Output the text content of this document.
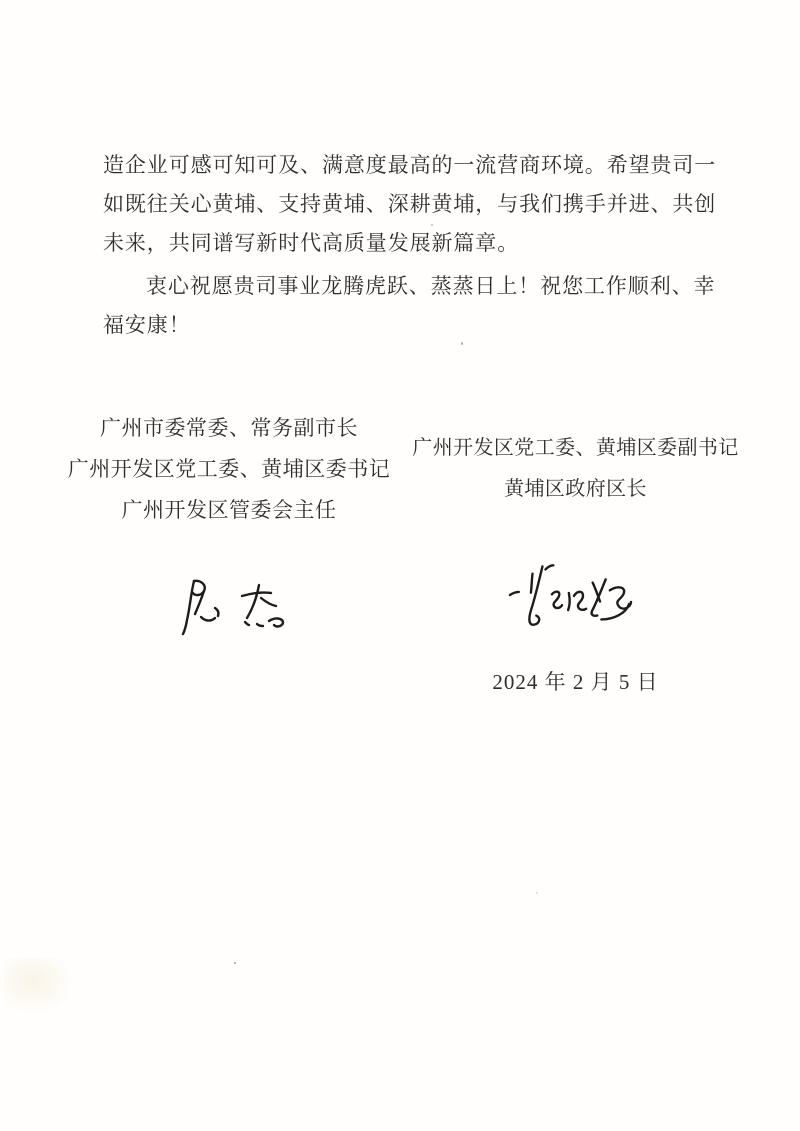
造企业可感可知可及、满意度最高的一流营商环境。希望贵司一
如既往关心黄埔、支持黄埔、深耕黄埔，与我们携手并进、共创
未来，共同谱写新时代高质量发展新篇章。
衷心祝愿贵司事业龙腾虎跃、蒸蒸日上！祝您工作顺利、幸
福安康！
广州市委常委、常务副市长
广州开发区党工委、黄埔区委书记
广州开发区管委会主任
广州开发区党工委、黄埔区委副书记
黄埔区政府区长
2024 年 2 月 5 日
